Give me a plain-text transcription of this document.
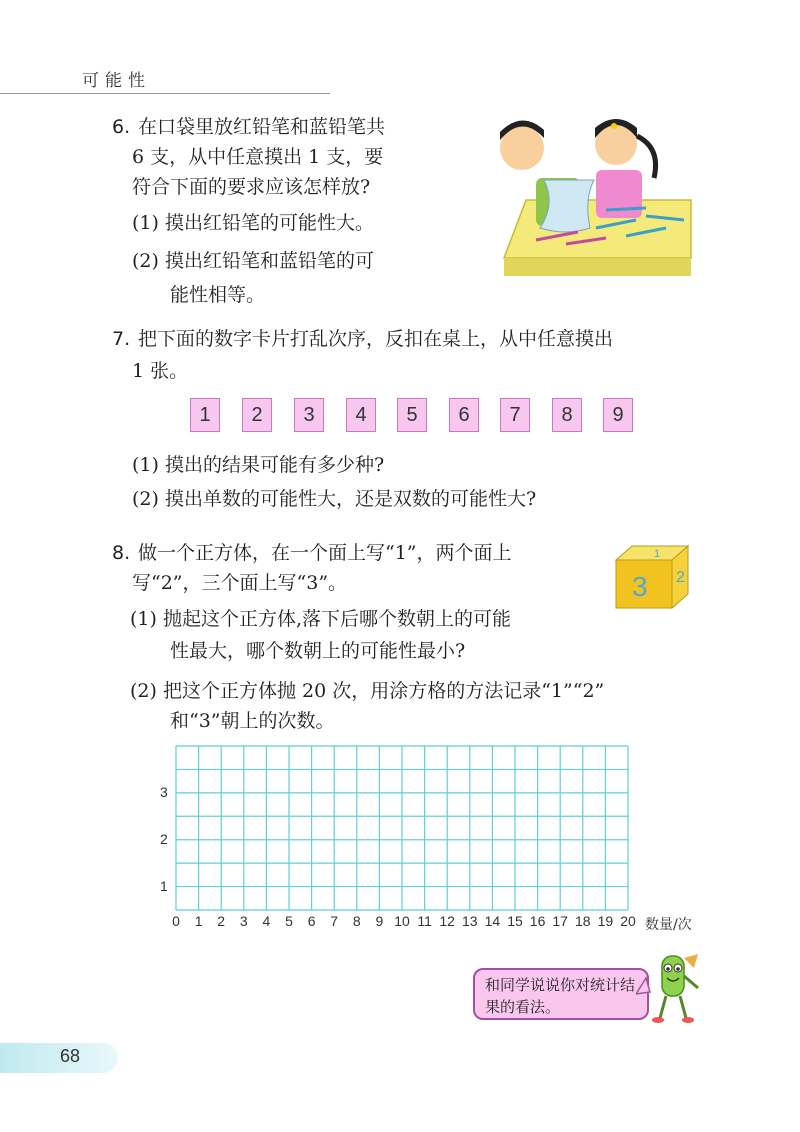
可能性
6. 在口袋里放红铅笔和蓝铅笔共
6 支，从中任意摸出 1 支，要
符合下面的要求应该怎样放?
(1) 摸出红铅笔的可能性大。
(2) 摸出红铅笔和蓝铅笔的可
能性相等。
7. 把下面的数字卡片打乱次序，反扣在桌上，从中任意摸出
1 张。
1	2	3	4	5	6	7	8	9
(1) 摸出的结果可能有多少种?
(2) 摸出单数的可能性大，还是双数的可能性大?
8. 做一个正方体，在一个面上写“1”，两个面上
写“2”，三个面上写“3”。
1
2
3
(1) 抛起这个正方体,落下后哪个数朝上的可能
性最大，哪个数朝上的可能性最小?
(2) 把这个正方体抛 20 次，用涂方格的方法记录“1”“2”
和“3”朝上的次数。
1
2
3
0 1 2 3 4 5 6 7 8 9 10 11 12 13 14 15 16 17 18 19 20 数量/次
和同学说说你对统计结果的看法。
68
